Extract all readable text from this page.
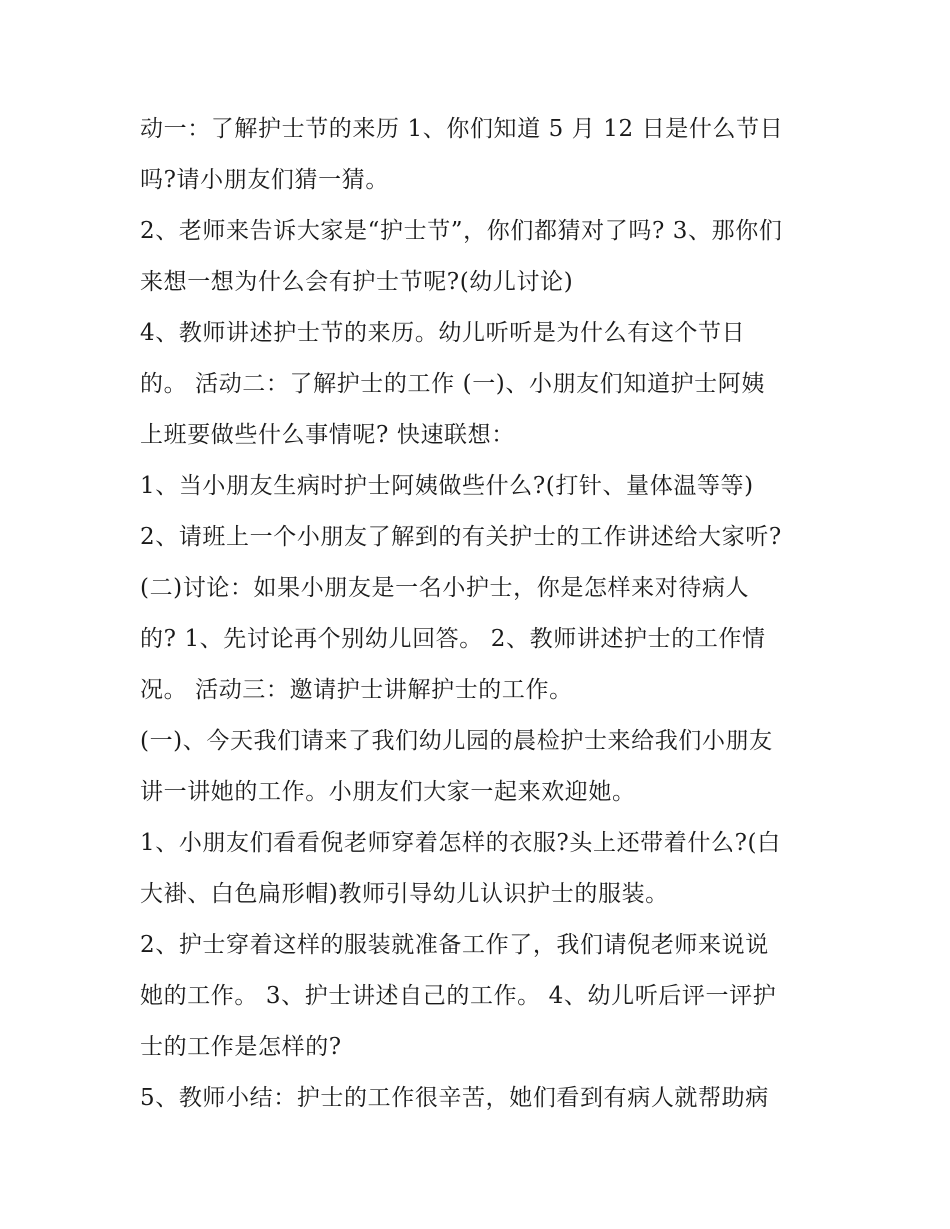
动一：了解护士节的来历 1、你们知道 5 月 12 日是什么节日
吗?请小朋友们猜一猜。
2、老师来告诉大家是“护士节”，你们都猜对了吗? 3、那你们
来想一想为什么会有护士节呢?(幼儿讨论)
4、教师讲述护士节的来历。幼儿听听是为什么有这个节日
的。 活动二：了解护士的工作 (一)、小朋友们知道护士阿姨
上班要做些什么事情呢? 快速联想：
1、当小朋友生病时护士阿姨做些什么?(打针、量体温等等)
2、请班上一个小朋友了解到的有关护士的工作讲述给大家听?
(二)讨论：如果小朋友是一名小护士，你是怎样来对待病人
的? 1、先讨论再个别幼儿回答。 2、教师讲述护士的工作情
况。 活动三：邀请护士讲解护士的工作。
(一)、今天我们请来了我们幼儿园的晨检护士来给我们小朋友
讲一讲她的工作。小朋友们大家一起来欢迎她。
1、小朋友们看看倪老师穿着怎样的衣服?头上还带着什么?(白
大褂、白色扁形帽)教师引导幼儿认识护士的服装。
2、护士穿着这样的服装就准备工作了，我们请倪老师来说说
她的工作。 3、护士讲述自己的工作。 4、幼儿听后评一评护
士的工作是怎样的?
5、教师小结：护士的工作很辛苦，她们看到有病人就帮助病
